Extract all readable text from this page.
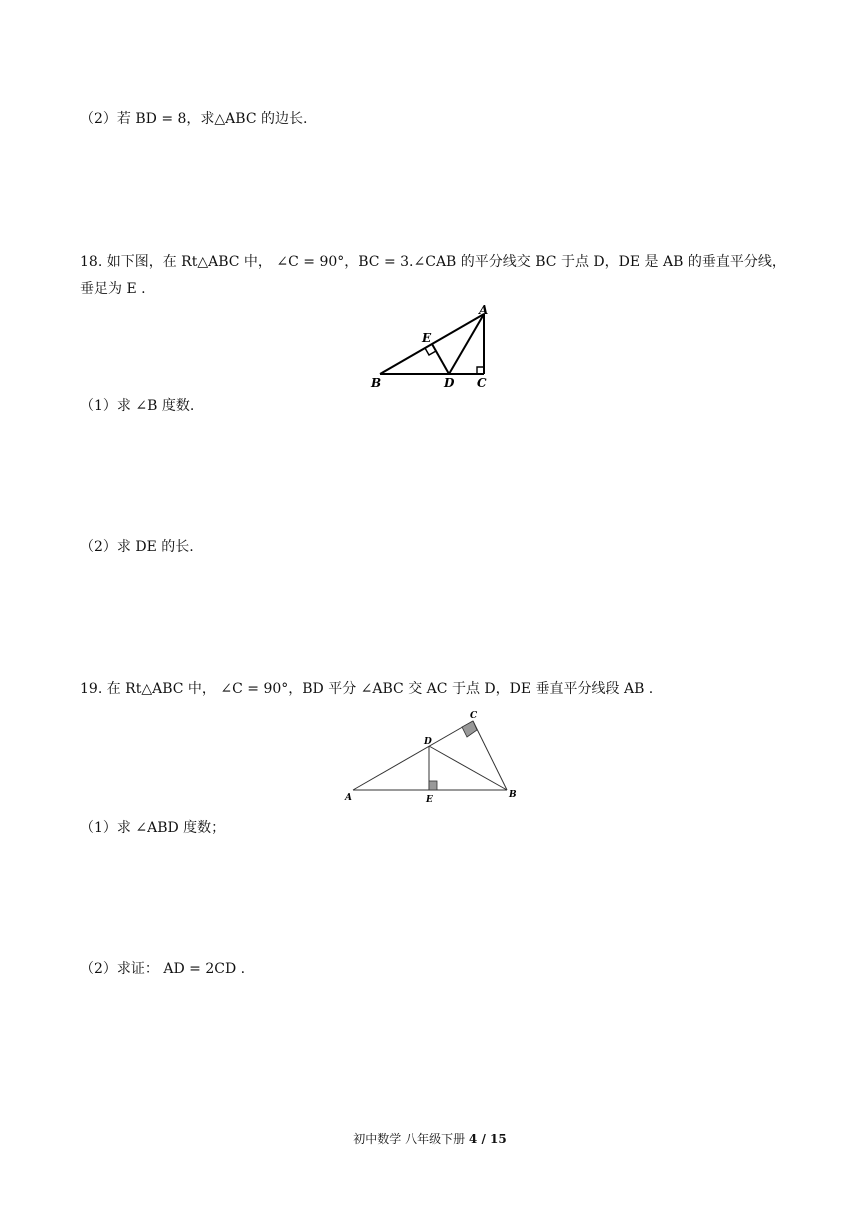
（2）若 BD = 8，求△ABC 的边长.
18. 如下图，在 Rt△ABC 中， ∠C = 90°，BC = 3.∠CAB 的平分线交 BC 于点 D，DE 是 AB 的垂直平分线，
垂足为 E .
A
B	C
D
E
（1）求 ∠B 度数.
（2）求 DE 的长.
19. 在 Rt△ABC 中， ∠C = 90°，BD 平分 ∠ABC 交 AC 于点 D，DE 垂直平分线段 AB .
A	B
C
D
E
（1）求 ∠ABD 度数；
（2）求证： AD = 2CD .
初中数学 八年级下册 4 / 15
